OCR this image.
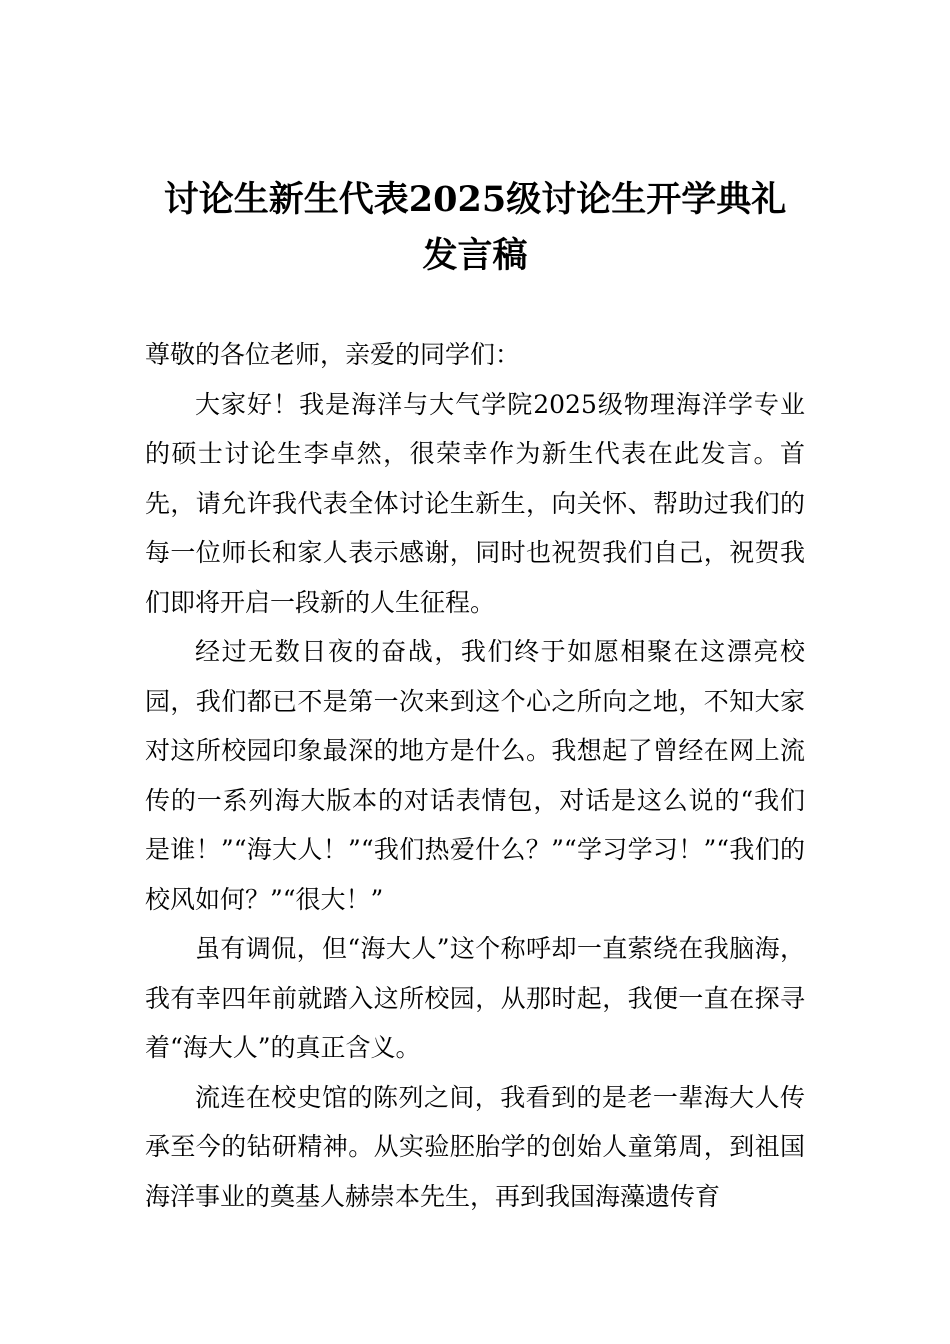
讨论生新生代表2025级讨论生开学典礼
发言稿

尊敬的各位老师，亲爱的同学们：

大家好！我是海洋与大气学院2025级物理海洋学专业的硕士讨论生李卓然，很荣幸作为新生代表在此发言。首先，请允许我代表全体讨论生新生，向关怀、帮助过我们的每一位师长和家人表示感谢，同时也祝贺我们自己，祝贺我们即将开启一段新的人生征程。

经过无数日夜的奋战，我们终于如愿相聚在这漂亮校园，我们都已不是第一次来到这个心之所向之地，不知大家对这所校园印象最深的地方是什么。我想起了曾经在网上流传的一系列海大版本的对话表情包，对话是这么说的“我们是谁！”“海大人！”“我们热爱什么？”“学习学习！”“我们的校风如何？”“很大！”

虽有调侃，但“海大人”这个称呼却一直萦绕在我脑海，我有幸四年前就踏入这所校园，从那时起，我便一直在探寻着“海大人”的真正含义。

流连在校史馆的陈列之间，我看到的是老一辈海大人传承至今的钻研精神。从实验胚胎学的创始人童第周，到祖国海洋事业的奠基人赫崇本先生，再到我国海藻遗传育
